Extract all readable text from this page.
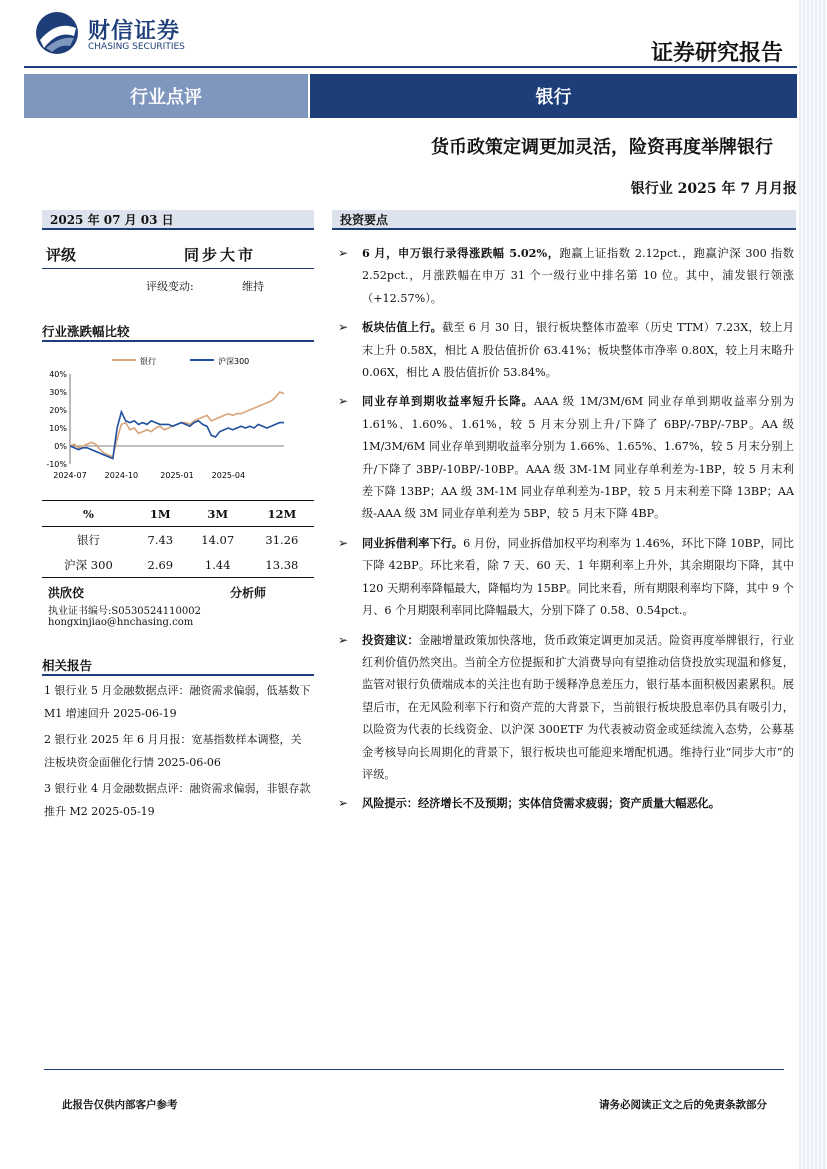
财信证券
CHASING SECURITIES	证券研究报告
行业点评	银行
货币政策定调更加灵活，险资再度举牌银行
银行业 2025 年 7 月月报
2025 年 07 月 03 日
评级	同步大市
评级变动:	维持
行业涨跌幅比较
银行	沪深300
40%
30%
20%
10%
0%
-10%
2024-07 2024-10	2025-01 2025-04
%	1M	3M	12M
银行	7.43	14.07	31.26
沪深 300	2.69	1.44	13.38
洪欣佼	分析师
执业证书编号:S0530524110002
hongxinjiao@hnchasing.com
相关报告
1 银行业 5 月金融数据点评：融资需求偏弱，低基数下 M1 增速回升 2025-06-19
2 银行业 2025 年 6 月月报：宽基指数样本调整，关注板块资金面催化行情 2025-06-06
3 银行业 4 月金融数据点评：融资需求偏弱，非银存款推升 M2 2025-05-19
投资要点
➢ 6 月，申万银行录得涨跌幅 5.02%，跑赢上证指数 2.12pct.，跑赢沪深 300 指数 2.52pct.，月涨跌幅在申万 31 个一级行业中排名第 10 位。其中，浦发银行领涨（+12.57%）。
➢ 板块估值上行。截至 6 月 30 日，银行板块整体市盈率（历史 TTM）7.23X，较上月末上升 0.58X，相比 A 股估值折价 63.41%；板块整体市净率 0.80X，较上月末略升 0.06X，相比 A 股估值折价 53.84%。
➢ 同业存单到期收益率短升长降。AAA 级 1M/3M/6M 同业存单到期收益率分别为 1.61%、1.60%、1.61%，较 5 月末分别上升/下降了 6BP/-7BP/-7BP。AA 级 1M/3M/6M 同业存单到期收益率分别为 1.66%、1.65%、1.67%，较 5 月末分别上升/下降了 3BP/-10BP/-10BP。AAA 级 3M-1M 同业存单利差为-1BP，较 5 月末利差下降 13BP；AA 级 3M-1M 同业存单利差为-1BP，较 5 月末利差下降 13BP；AA 级-AAA 级 3M 同业存单利差为 5BP，较 5 月末下降 4BP。
➢ 同业拆借利率下行。6 月份，同业拆借加权平均利率为 1.46%，环比下降 10BP，同比下降 42BP。环比来看，除 7 天、60 天、1 年期利率上升外，其余期限均下降，其中 120 天期利率降幅最大，降幅均为 15BP。同比来看，所有期限利率均下降，其中 9 个月、6 个月期限利率同比降幅最大，分别下降了 0.58、0.54pct.。
➢ 投资建议：金融增量政策加快落地，货币政策定调更加灵活。险资再度举牌银行，行业红利价值仍然突出。当前全方位提振和扩大消费导向有望推动信贷投放实现温和修复，监管对银行负债端成本的关注也有助于缓释净息差压力，银行基本面积极因素累积。展望后市，在无风险利率下行和资产荒的大背景下，当前银行板块股息率仍具有吸引力，以险资为代表的长线资金、以沪深 300ETF 为代表被动资金或延续流入态势，公募基金考核导向长周期化的背景下，银行板块也可能迎来增配机遇。维持行业“同步大市”的评级。
➢ 风险提示：经济增长不及预期；实体信贷需求疲弱；资产质量大幅恶化。
此报告仅供内部客户参考	请务必阅读正文之后的免责条款部分
